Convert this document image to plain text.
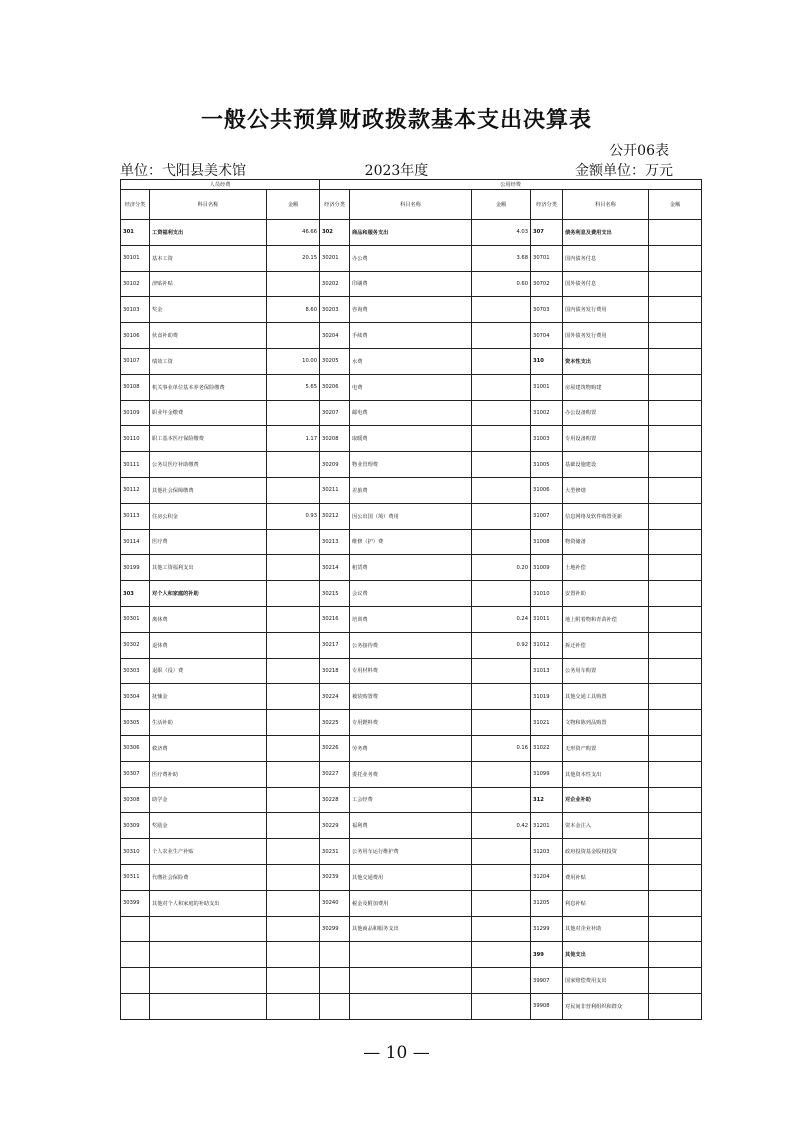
一般公共预算财政拨款基本支出决算表
公开06表
单位：弋阳县美术馆	2023年度	金额单位：万元
人员经费			公用经费					
经济分类	科目名称	金额	经济分类	科目名称	金额	经济分类	科目名称	金额
301	工资福利支出	46.66	302	商品和服务支出	4.03	307	债务利息及费用支出	
30101	基本工资	20.15	30201	办公费	3.68	30701	国内债务付息	
30102	津贴补贴		30202	印刷费	0.60	30702	国外债务付息	
30103	奖金	8.60	30203	咨询费		30703	国内债务发行费用	
30106	伙食补助费		30204	手续费		30704	国外债务发行费用	
30107	绩效工资	10.00	30205	水费		310	资本性支出	
30108	机关事业单位基本养老保险缴费	5.65	30206	电费		31001	房屋建筑物购建	
30109	职业年金缴费		30207	邮电费		31002	办公设备购置	
30110	职工基本医疗保险缴费	1.17	30208	取暖费		31003	专用设备购置	
30111	公务员医疗补助缴费		30209	物业管理费		31005	基础设施建设	
30112	其他社会保障缴费		30211	差旅费		31006	大型修缮	
30113	住房公积金	0.93	30212	因公出国（境）费用		31007	信息网络及软件购置更新	
30114	医疗费		30213	维修（护）费		31008	物资储备	
30199	其他工资福利支出		30214	租赁费	0.20	31009	土地补偿	
303	对个人和家庭的补助		30215	会议费		31010	安置补助	
30301	离休费		30216	培训费	0.24	31011	地上附着物和青苗补偿	
30302	退休费		30217	公务接待费	0.92	31012	拆迁补偿	
30303	退职（役）费		30218	专用材料费		31013	公务用车购置	
30304	抚恤金		30224	被装购置费		31019	其他交通工具购置	
30305	生活补助		30225	专用燃料费		31021	文物和陈列品购置	
30306	救济费		30226	劳务费	0.16	31022	无形资产购置	
30307	医疗费补助		30227	委托业务费		31099	其他资本性支出	
30308	助学金		30228	工会经费		312	对企业补助	
30309	奖励金		30229	福利费	0.42	31201	资本金注入	
30310	个人农业生产补贴		30231	公务用车运行维护费		31203	政府投资基金股权投资	
30311	代缴社会保险费		30239	其他交通费用		31204	费用补贴	
30399	其他对个人和家庭的补助支出		30240	税金及附加费用		31205	利息补贴	
			30299	其他商品和服务支出		31299	其他对企业补助	
						399	其他支出	
						39907	国家赔偿费用支出	
						39908	对民间非营利组织和群众	
— 10 —
